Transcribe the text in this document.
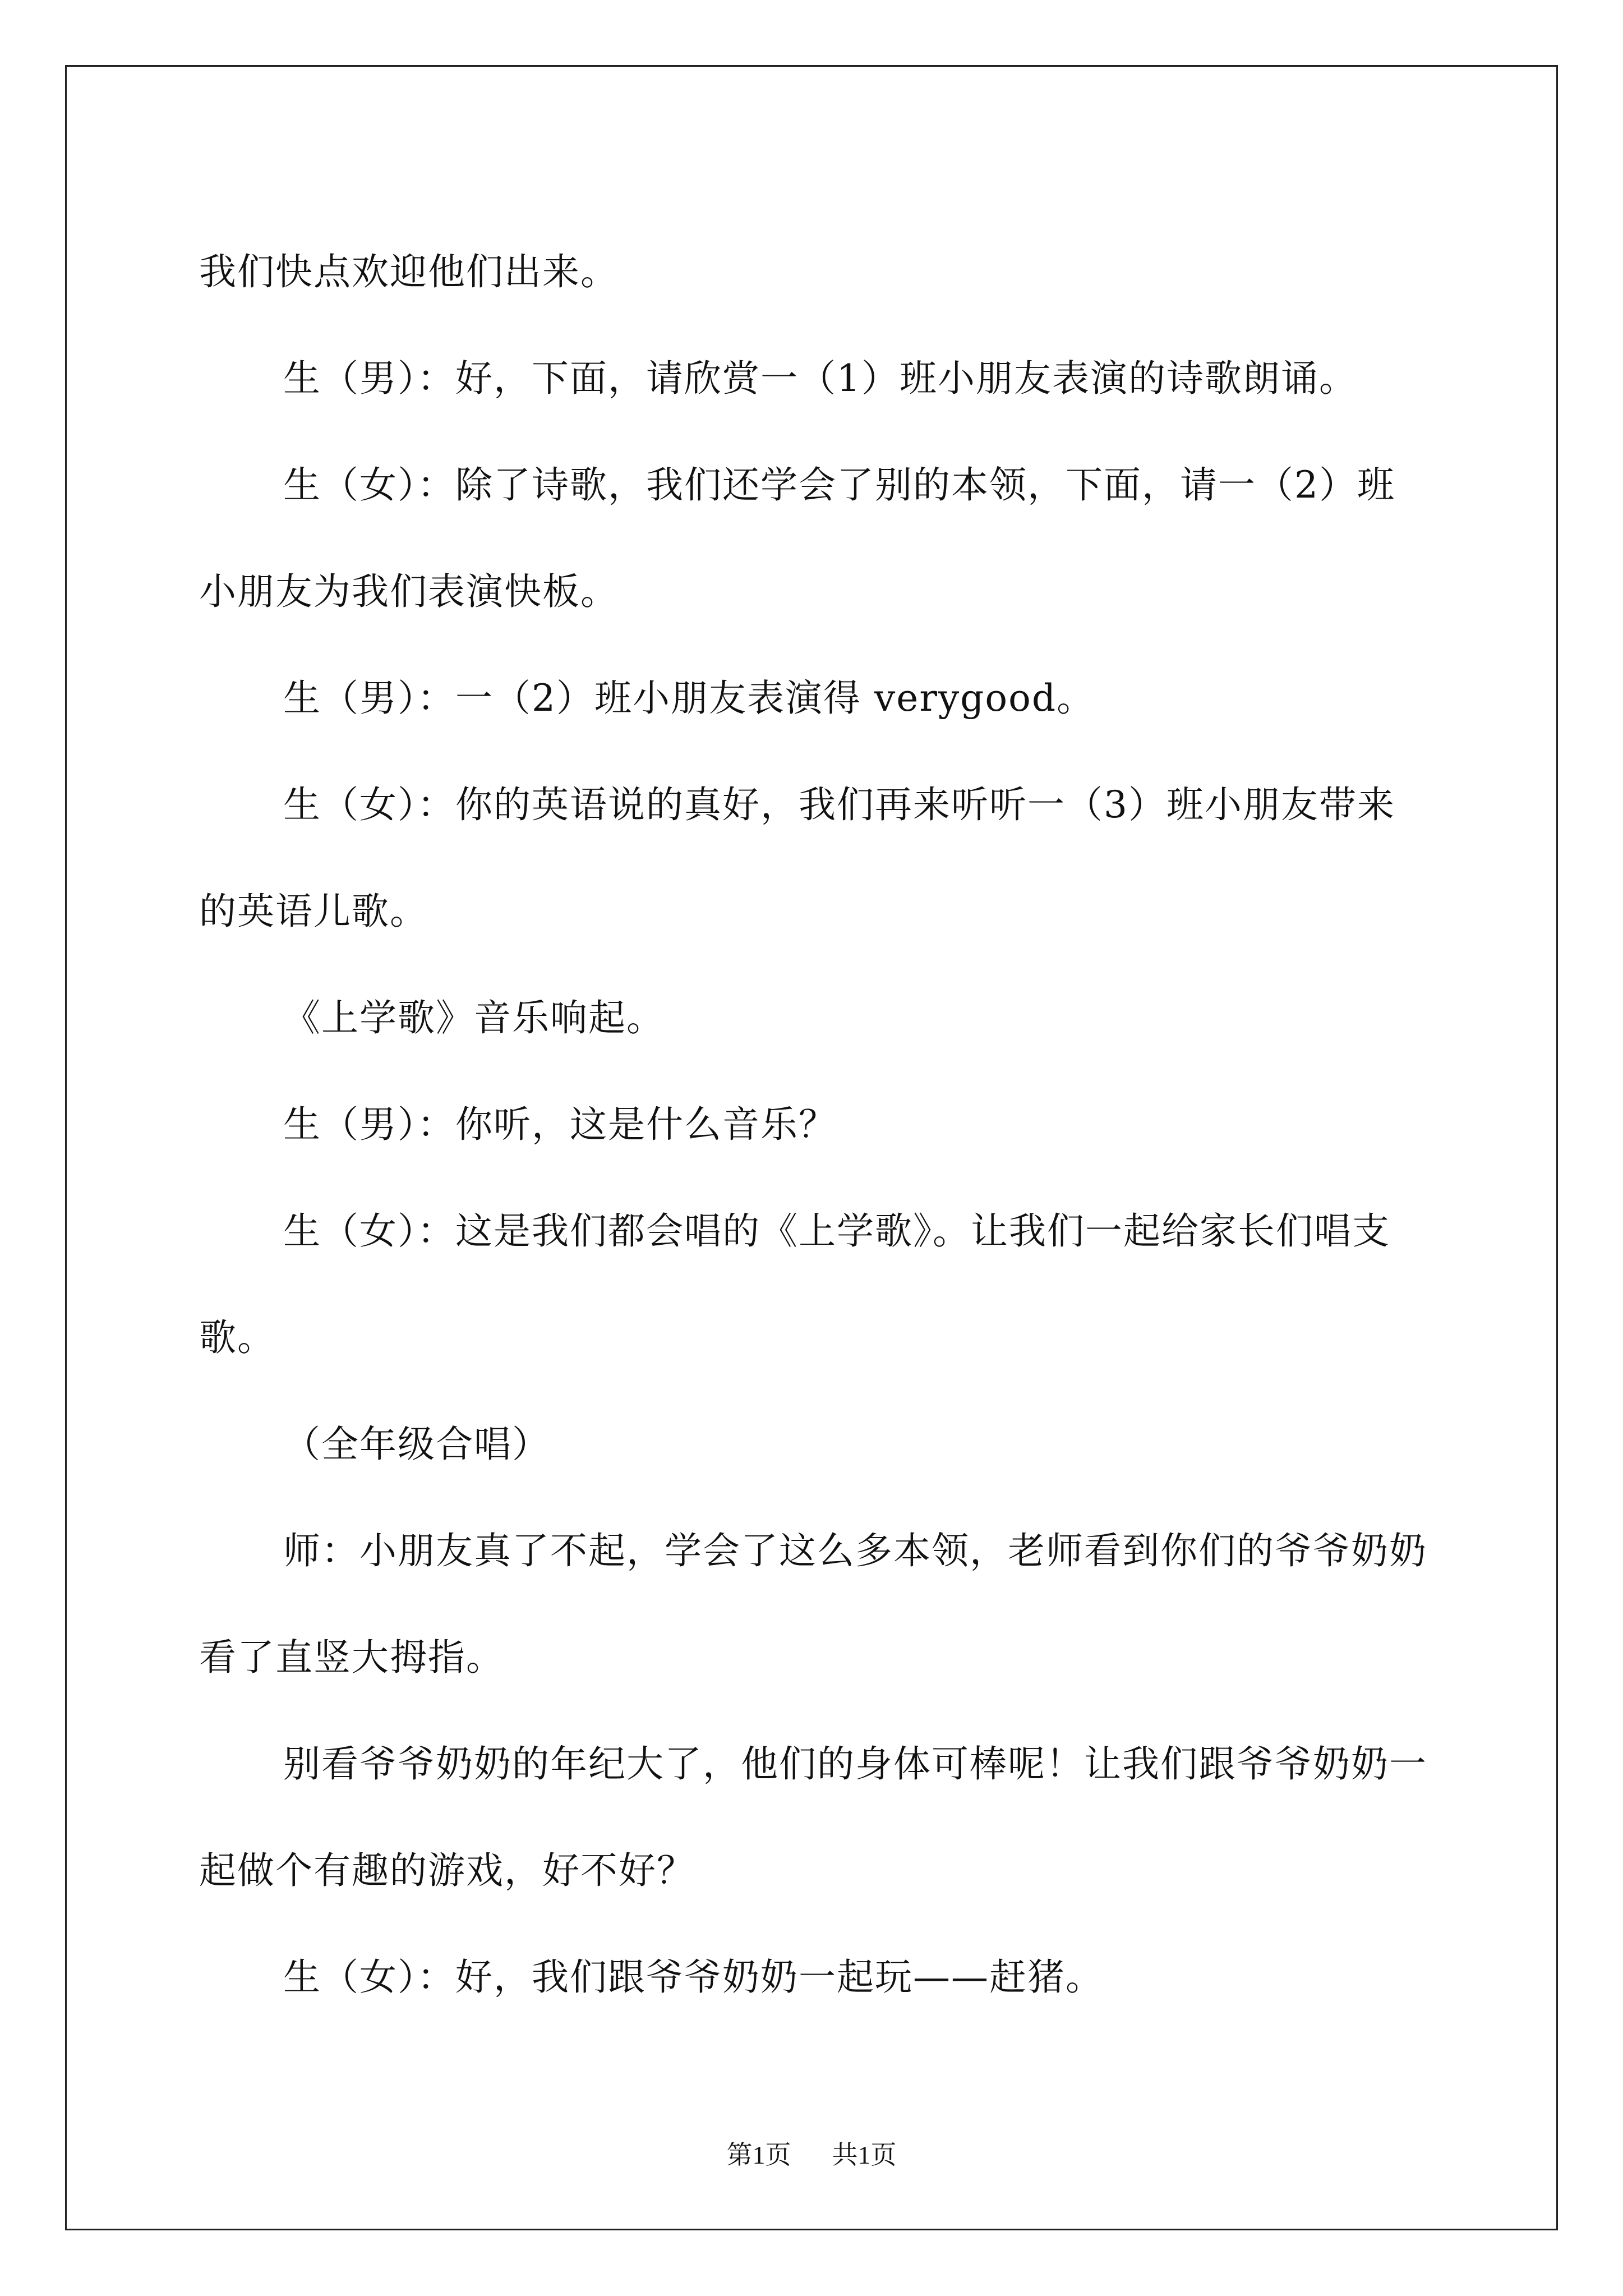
我们快点欢迎他们出来。

生（男）：好，下面，请欣赏一（1）班小朋友表演的诗歌朗诵。

生（女）：除了诗歌，我们还学会了别的本领，下面，请一（2）班小朋友为我们表演快板。

生（男）：一（2）班小朋友表演得 verygood。

生（女）：你的英语说的真好，我们再来听听一（3）班小朋友带来的英语儿歌。

《上学歌》音乐响起。

生（男）：你听，这是什么音乐？

生（女）：这是我们都会唱的《上学歌》。让我们一起给家长们唱支歌。

（全年级合唱）

师：小朋友真了不起，学会了这么多本领，老师看到你们的爷爷奶奶看了直竖大拇指。

别看爷爷奶奶的年纪大了，他们的身体可棒呢！让我们跟爷爷奶奶一起做个有趣的游戏，好不好？

生（女）：好，我们跟爷爷奶奶一起玩——赶猪。

第1页 共1页
